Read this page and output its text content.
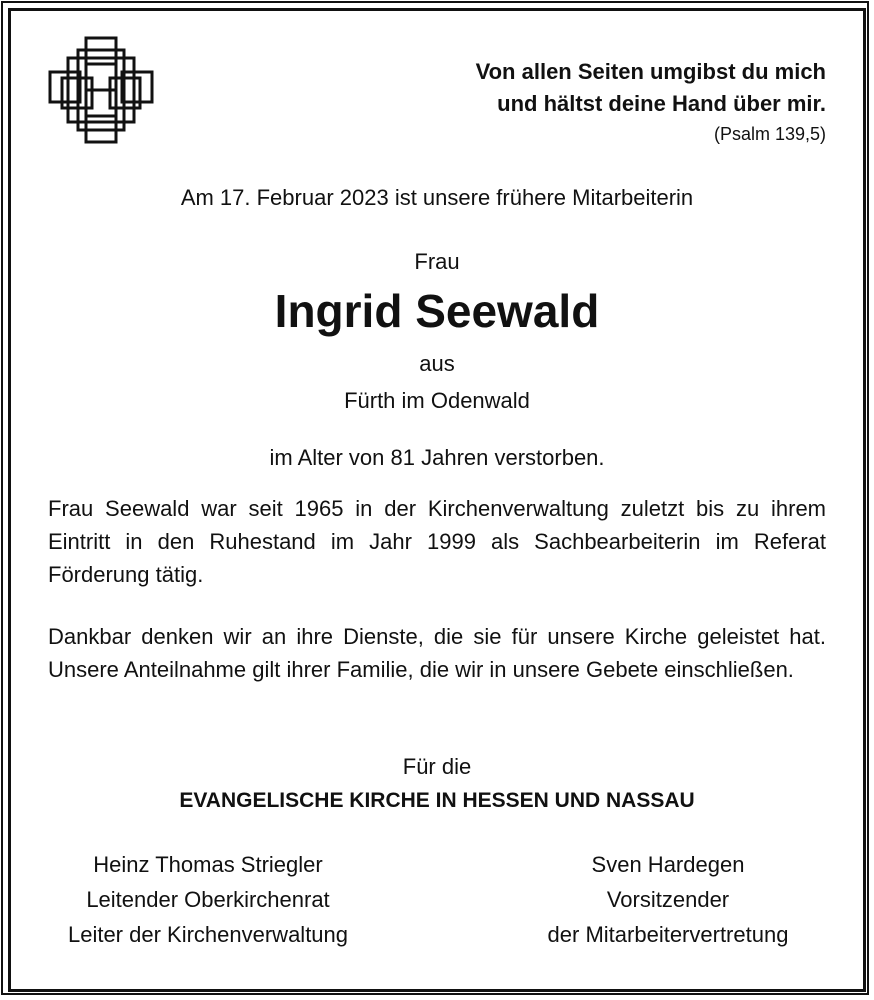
Von allen Seiten umgibst du mich
und hältst deine Hand über mir.
(Psalm 139,5)
Am 17. Februar 2023 ist unsere frühere Mitarbeiterin
Frau
Ingrid Seewald
aus
Fürth im Odenwald
im Alter von 81 Jahren verstorben.

Frau Seewald war seit 1965 in der Kirchenverwaltung zuletzt bis zu ihrem Eintritt in den Ruhestand im Jahr 1999 als Sachbearbeiterin im Referat Förderung tätig.

Dankbar denken wir an ihre Dienste, die sie für unsere Kirche geleistet hat. Unsere Anteilnahme gilt ihrer Familie, die wir in unsere Gebete einschließen.

Für die
EVANGELISCHE KIRCHE IN HESSEN UND NASSAU
Heinz Thomas Striegler
Leitender Oberkirchenrat
Leiter der Kirchenverwaltung
Sven Hardegen
Vorsitzender
der Mitarbeitervertretung
